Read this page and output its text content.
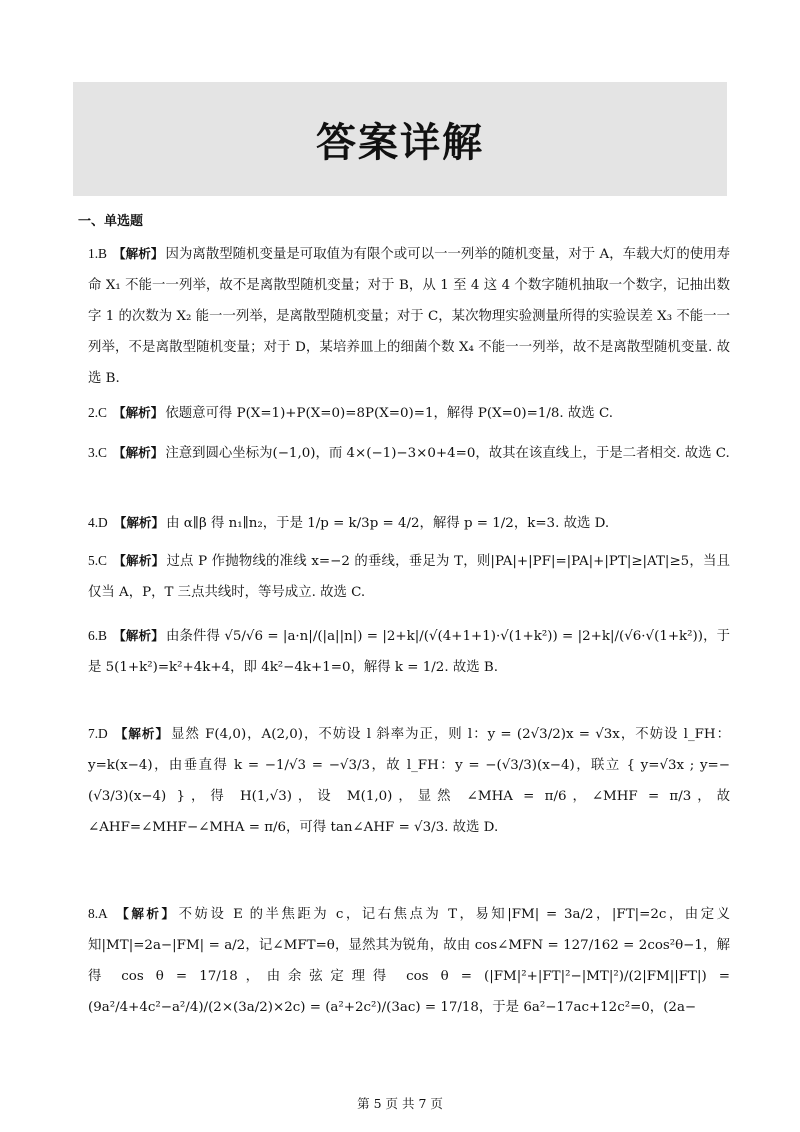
答案详解
一、单选题
1.B 【解析】 因为离散型随机变量是可取值为有限个或可以一一列举的随机变量，对于 A，车载大灯的使用寿命 X₁ 不能一一列举，故不是离散型随机变量；对于 B，从 1 至 4 这 4 个数字随机抽取一个数字，记抽出数字 1 的次数为 X₂ 能一一列举，是离散型随机变量；对于 C，某次物理实验测量所得的实验误差 X₃ 不能一一列举，不是离散型随机变量；对于 D，某培养皿上的细菌个数 X₄ 不能一一列举，故不是离散型随机变量. 故选 B.
2.C 【解析】 依题意可得 P(X=1)+P(X=0)=8P(X=0)=1，解得 P(X=0)=1/8. 故选 C.
3.C 【解析】 注意到圆心坐标为(−1,0)，而 4×(−1)−3×0+4=0，故其在该直线上，于是二者相交. 故选 C.
4.D 【解析】 由 α∥β 得 n₁∥n₂，于是 1/p = k/3p = 4/2，解得 p = 1/2，k=3. 故选 D.
5.C 【解析】 过点 P 作抛物线的准线 x=−2 的垂线，垂足为 T，则|PA|+|PF|=|PA|+|PT|≥|AT|≥5，当且仅当 A，P，T 三点共线时，等号成立. 故选 C.
6.B 【解析】 由条件得 √5/√6 = |a·n|/(|a||n|) = |2+k|/(√(4+1+1)·√(1+k²)) = |2+k|/(√6·√(1+k²))，于是 5(1+k²)=k²+4k+4，即 4k²−4k+1=0，解得 k = 1/2. 故选 B.
7.D 【解析】 显然 F(4,0)，A(2,0)，不妨设 l 斜率为正，则 l：y = (2√3/2)x = √3x，不妨设 l_FH：y=k(x−4)，由垂直得 k = −1/√3 = −√3/3，故 l_FH：y = −(√3/3)(x−4)，联立 { y=√3x ; y=−(√3/3)(x−4) }，得 H(1,√3)，设 M(1,0)，显然 ∠MHA = π/6，∠MHF = π/3，故∠AHF=∠MHF−∠MHA = π/6，可得 tan∠AHF = √3/3. 故选 D.
8.A 【解析】 不妨设 E 的半焦距为 c，记右焦点为 T，易知|FM| = 3a/2，|FT|=2c，由定义知|MT|=2a−|FM| = a/2，记∠MFT=θ，显然其为锐角，故由 cos∠MFN = 127/162 = 2cos²θ−1，解得 cos θ = 17/18，由余弦定理得 cos θ = (|FM|²+|FT|²−|MT|²)/(2|FM||FT|) = (9a²/4+4c²−a²/4)/(2×(3a/2)×2c) = (a²+2c²)/(3ac) = 17/18，于是 6a²−17ac+12c²=0，(2a−
第 5 页 共 7 页
